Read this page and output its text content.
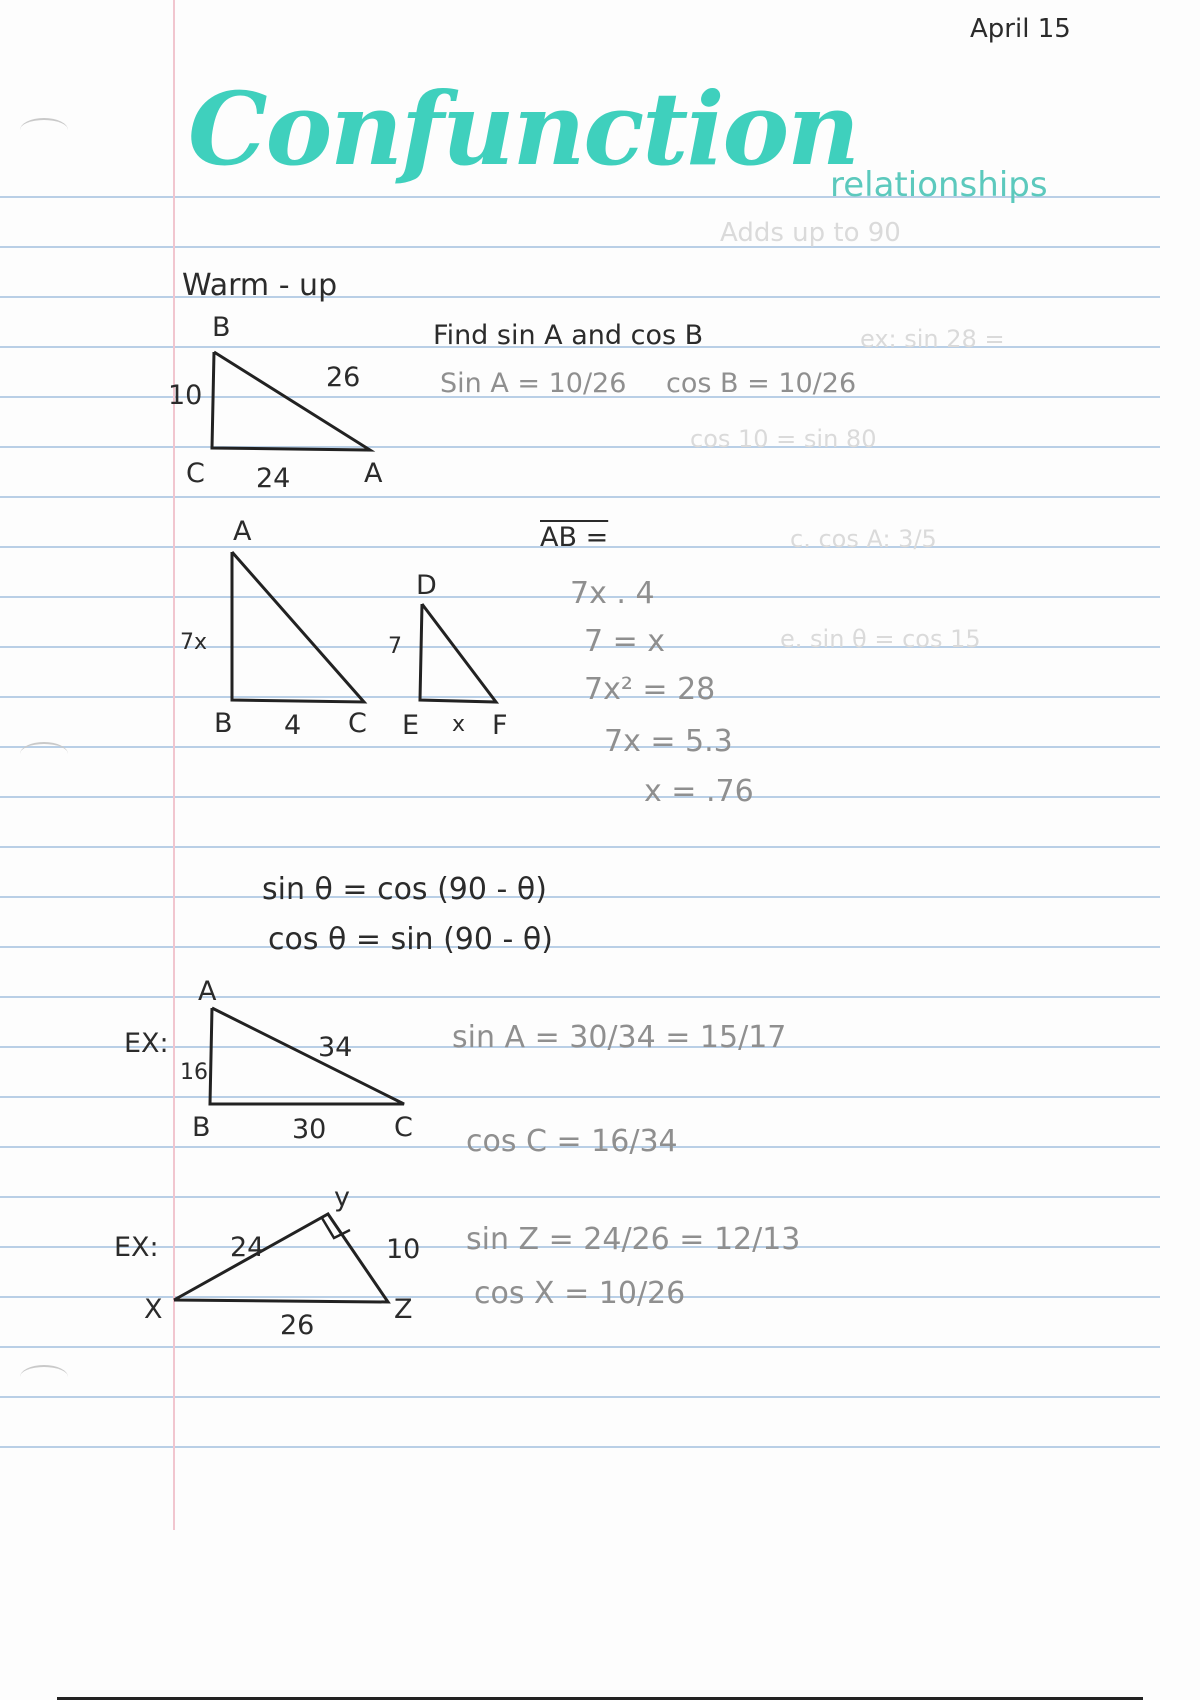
Adds up to 90
ex: sin 28 =
cos 10 = sin 80
c. cos A: 3/5
e. sin θ = cos 15
April 15
Confunction
relationships
Warm - up
B
C	A
10
26
24
Find sin A and cos B
Sin A = 10/26 cos B = 10/26
A
B	C
7x
4
D
E	F
7
x
AB =
7x . 4
7 = x
7x² = 28
7x = 5.3
x = .76
sin θ = cos (90 - θ)
cos θ = sin (90 - θ)
EX:
A
B	C
16
34
30
sin A = 30/34 = 15/17
cos C = 16/34
EX:
y
X	Z
24	10
26
sin Z = 24/26 = 12/13
cos X = 10/26
